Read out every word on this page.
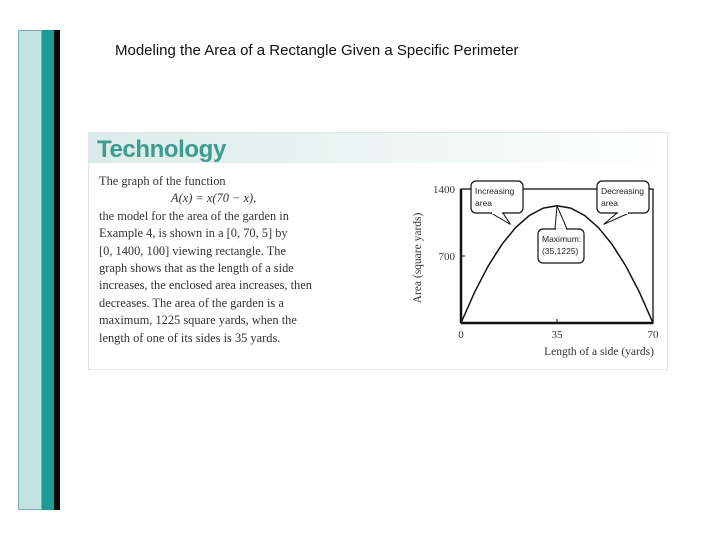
Modeling the Area of a Rectangle Given a Specific Perimeter
Technology
The graph of the function
A(x) = x(70 − x),
the model for the area of the garden in
Example 4, is shown in a [0, 70, 5] by
[0, 1400, 100] viewing rectangle. The
graph shows that as the length of a side
increases, the enclosed area increases, then
decreases. The area of the garden is a
maximum, 1225 square yards, when the
length of one of its sides is 35 yards.
Area (square yards)
Length of a side (yards)
0	35	70
700
1400 Increasing
area
Decreasing
area
Maximum:
(35,1225)
